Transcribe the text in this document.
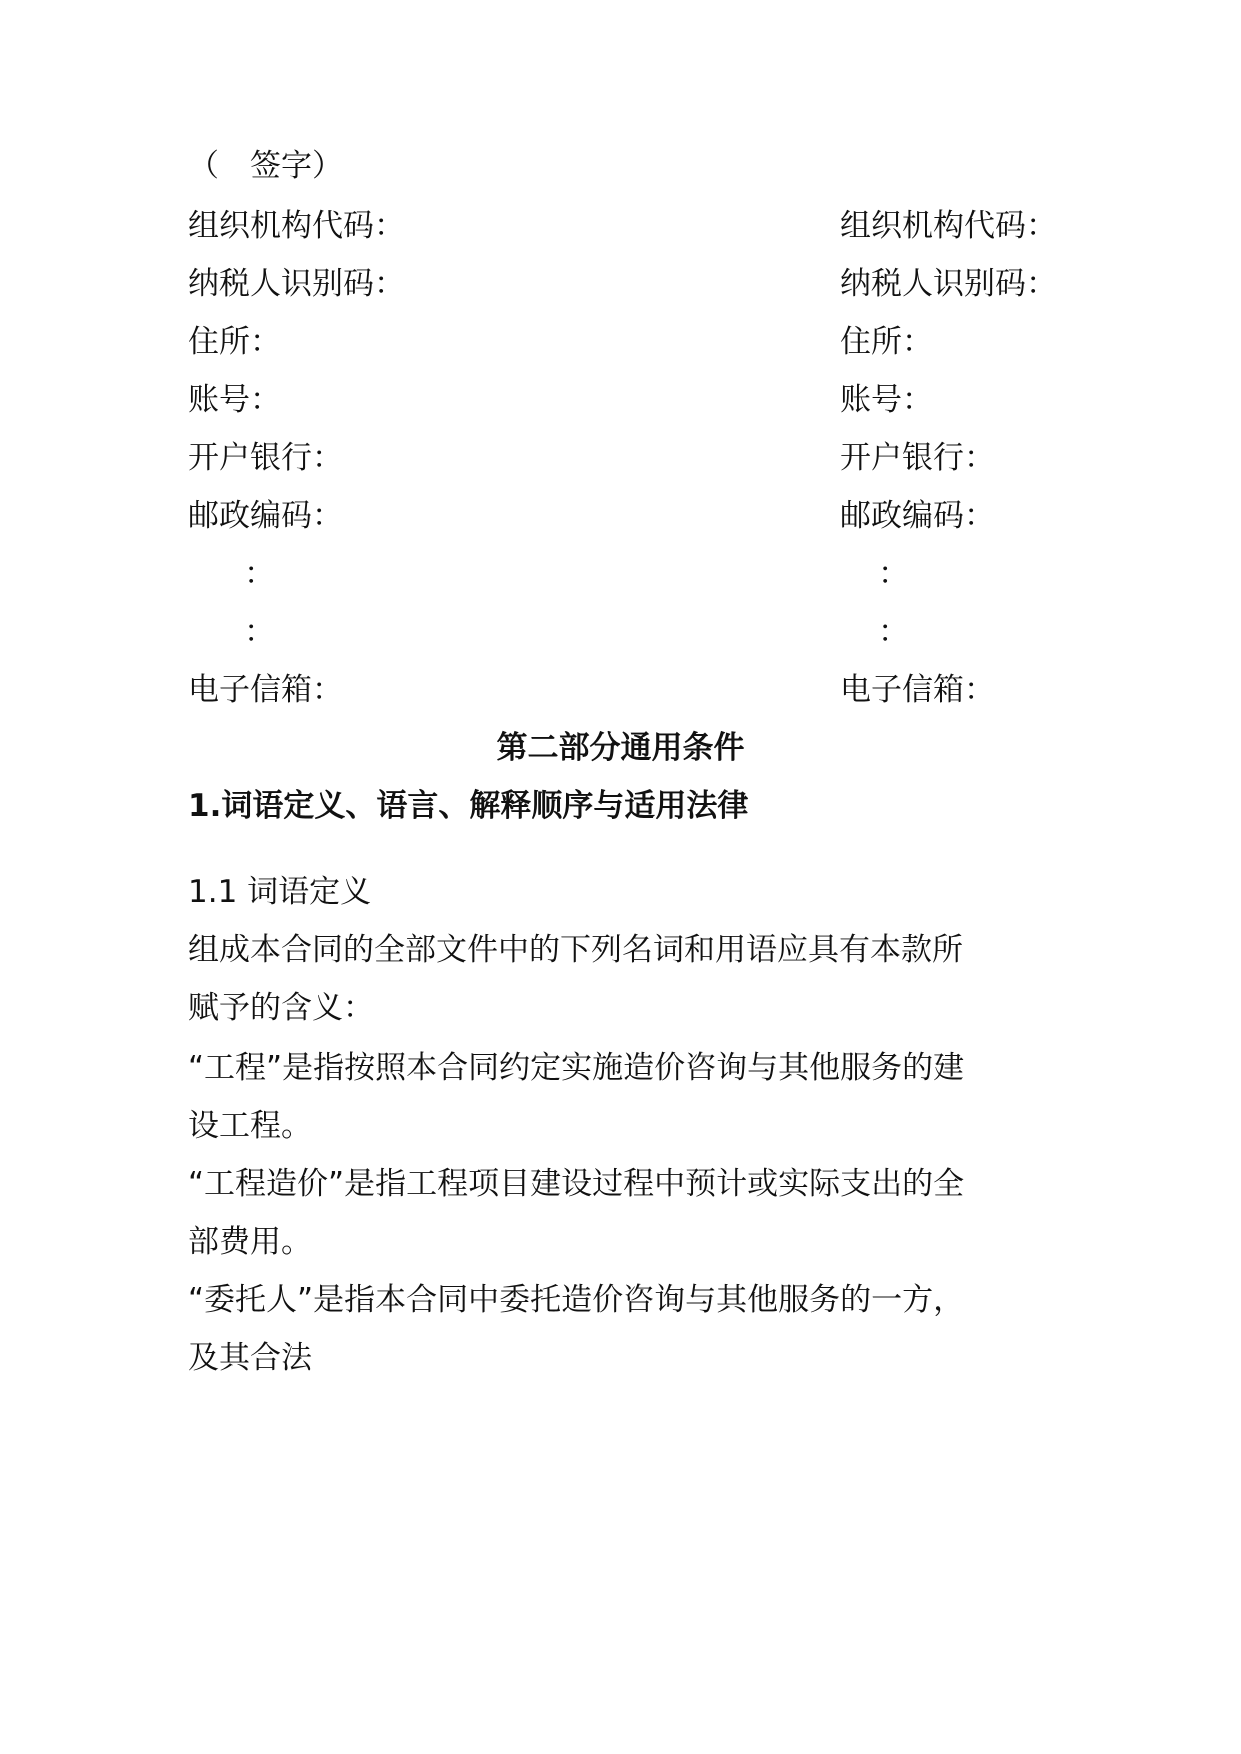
（　签字）
组织机构代码：	组织机构代码：
纳税人识别码：	纳税人识别码：
住所：	住所：
账号：	账号：
开户银行：	开户银行：
邮政编码：	邮政编码：
：	：
：	：
电子信箱：	电子信箱：
第二部分通用条件
1.词语定义、语言、解释顺序与适用法律
1.1 词语定义
组成本合同的全部文件中的下列名词和用语应具有本款所
赋予的含义：
“工程”是指按照本合同约定实施造价咨询与其他服务的建
设工程。
“工程造价”是指工程项目建设过程中预计或实际支出的全
部费用。
“委托人”是指本合同中委托造价咨询与其他服务的一方，
及其合法
